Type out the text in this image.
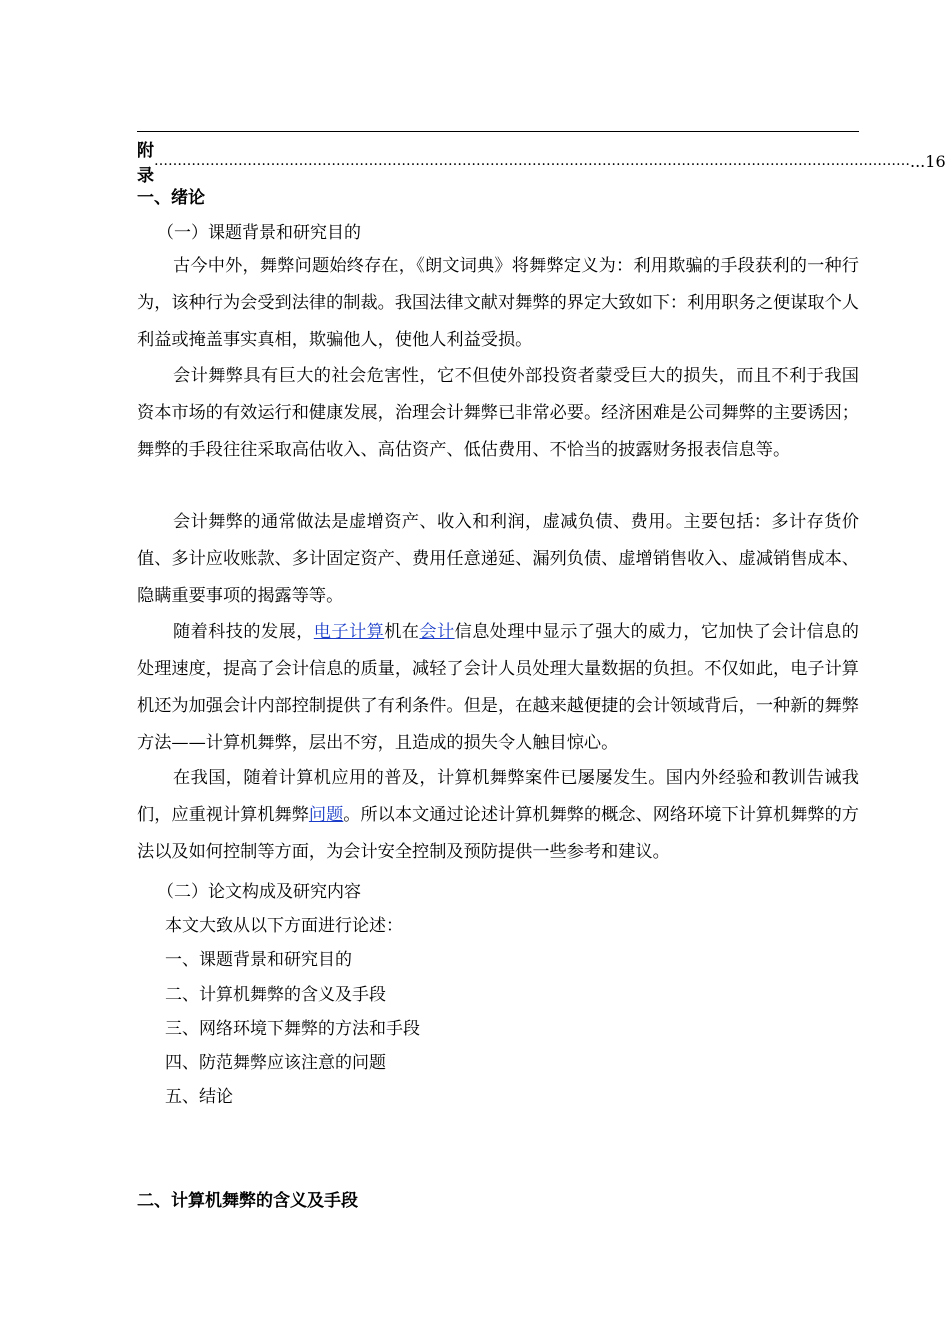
附录
……………………………………………………………………………………………………………………………………………… ...16
一、绪论
（一）课题背景和研究目的

古今中外，舞弊问题始终存在，《朗文词典》将舞弊定义为：利用欺骗的手段获利的一种行为，该种行为会受到法律的制裁。我国法律文献对舞弊的界定大致如下：利用职务之便谋取个人利益或掩盖事实真相，欺骗他人，使他人利益受损。

会计舞弊具有巨大的社会危害性，它不但使外部投资者蒙受巨大的损失，而且不利于我国资本市场的有效运行和健康发展，治理会计舞弊已非常必要。经济困难是公司舞弊的主要诱因；舞弊的手段往往采取高估收入、高估资产、低估费用、不恰当的披露财务报表信息等。

会计舞弊的通常做法是虚增资产、收入和利润，虚减负债、费用。主要包括：多计存货价值、多计应收账款、多计固定资产、费用任意递延、漏列负债、虚增销售收入、虚减销售成本、隐瞒重要事项的揭露等等。

随着科技的发展，电子计算机在会计信息处理中显示了强大的威力，它加快了会计信息的处理速度，提高了会计信息的质量，减轻了会计人员处理大量数据的负担。不仅如此，电子计算机还为加强会计内部控制提供了有利条件。但是，在越来越便捷的会计领域背后，一种新的舞弊方法——计算机舞弊，层出不穷，且造成的损失令人触目惊心。

在我国，随着计算机应用的普及，计算机舞弊案件已屡屡发生。国内外经验和教训告诫我们，应重视计算机舞弊问题。所以本文通过论述计算机舞弊的概念、网络环境下计算机舞弊的方法以及如何控制等方面，为会计安全控制及预防提供一些参考和建议。

（二）论文构成及研究内容
本文大致从以下方面进行论述：
一、课题背景和研究目的
二、计算机舞弊的含义及手段
三、网络环境下舞弊的方法和手段
四、防范舞弊应该注意的问题
五、结论
二、计算机舞弊的含义及手段
